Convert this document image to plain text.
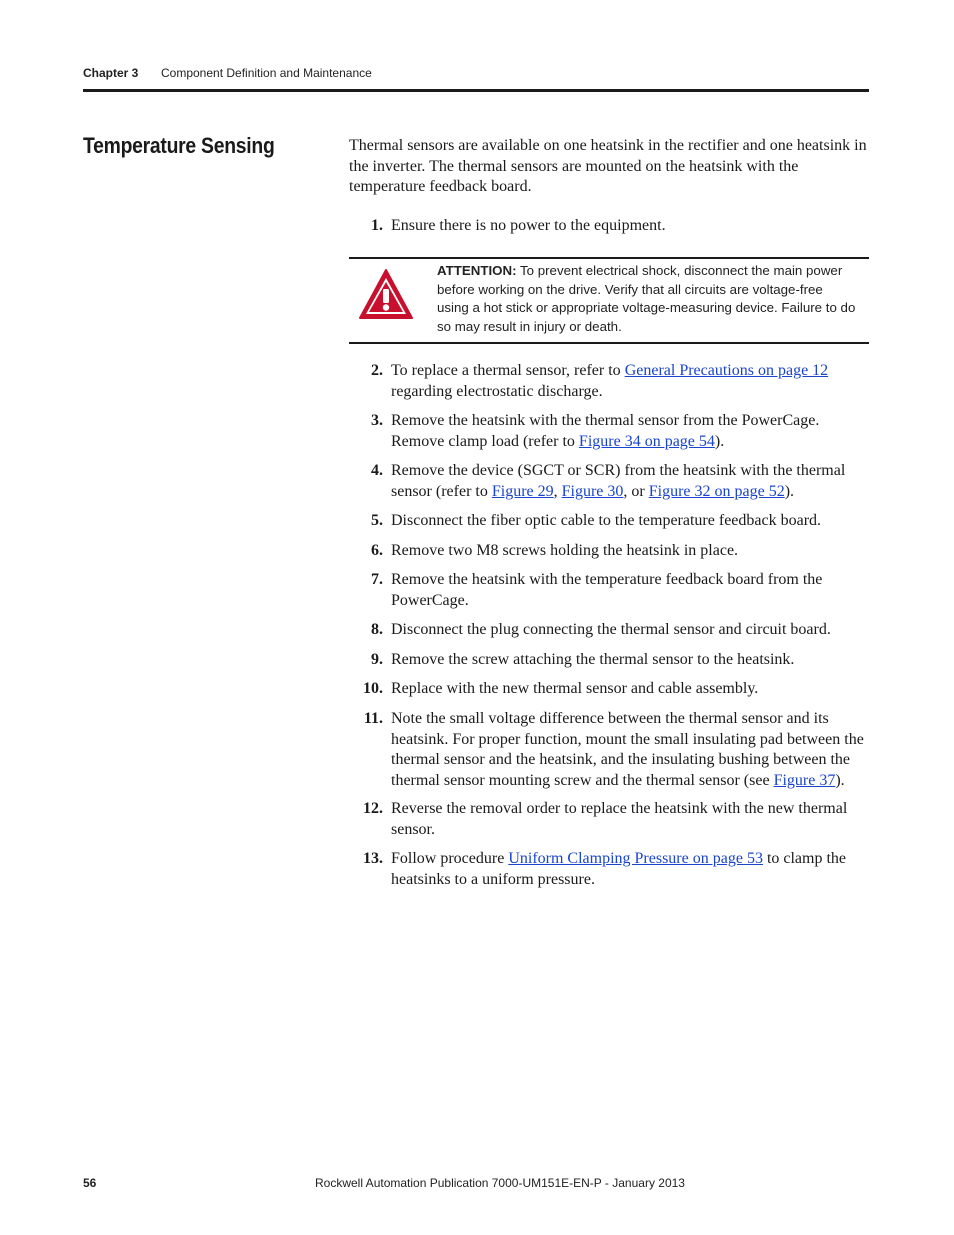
Chapter 3 Component Definition and Maintenance
Temperature Sensing	Thermal sensors are available on one heatsink in the rectifier and one heatsink in the inverter. The thermal sensors are mounted on the heatsink with the temperature feedback board.

1. Ensure there is no power to the equipment.
ATTENTION: To prevent electrical shock, disconnect the main power before working on the drive. Verify that all circuits are voltage-free using a hot stick or appropriate voltage-measuring device. Failure to do so may result in injury or death.
2. To replace a thermal sensor, refer to General Precautions on page 12 regarding electrostatic discharge.
3. Remove the heatsink with the thermal sensor from the PowerCage. Remove clamp load (refer to Figure 34 on page 54).
4. Remove the device (SGCT or SCR) from the heatsink with the thermal sensor (refer to Figure 29, Figure 30, or Figure 32 on page 52).
5. Disconnect the fiber optic cable to the temperature feedback board.
6. Remove two M8 screws holding the heatsink in place.
7. Remove the heatsink with the temperature feedback board from the PowerCage.
8. Disconnect the plug connecting the thermal sensor and circuit board.
9. Remove the screw attaching the thermal sensor to the heatsink.
10. Replace with the new thermal sensor and cable assembly.
11. Note the small voltage difference between the thermal sensor and its heatsink. For proper function, mount the small insulating pad between the thermal sensor and the heatsink, and the insulating bushing between the thermal sensor mounting screw and the thermal sensor (see Figure 37).
12. Reverse the removal order to replace the heatsink with the new thermal sensor.
13. Follow procedure Uniform Clamping Pressure on page 53 to clamp the heatsinks to a uniform pressure.
56	Rockwell Automation Publication 7000-UM151E-EN-P - January 2013
